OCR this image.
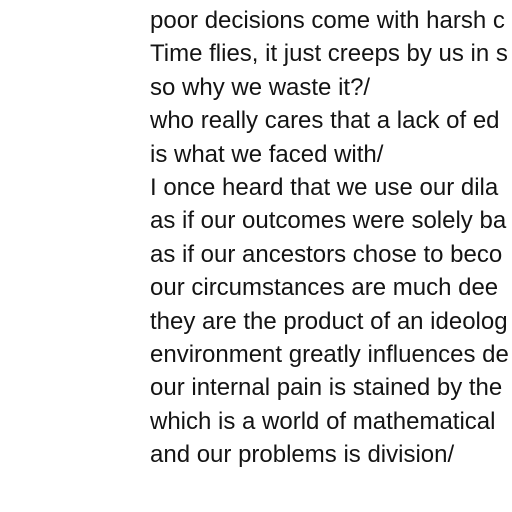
poor decisions come with harsh c
Time flies, it just creeps by us in s
so why we waste it?/
who really cares that a lack of ed
is what we faced with/
I once heard that we use our dila
as if our outcomes were solely ba
as if our ancestors chose to beco
our circumstances are much dee
they are the product of an ideolog
environment greatly influences de
our internal pain is stained by the
which is a world of mathematical
and our problems is division/
